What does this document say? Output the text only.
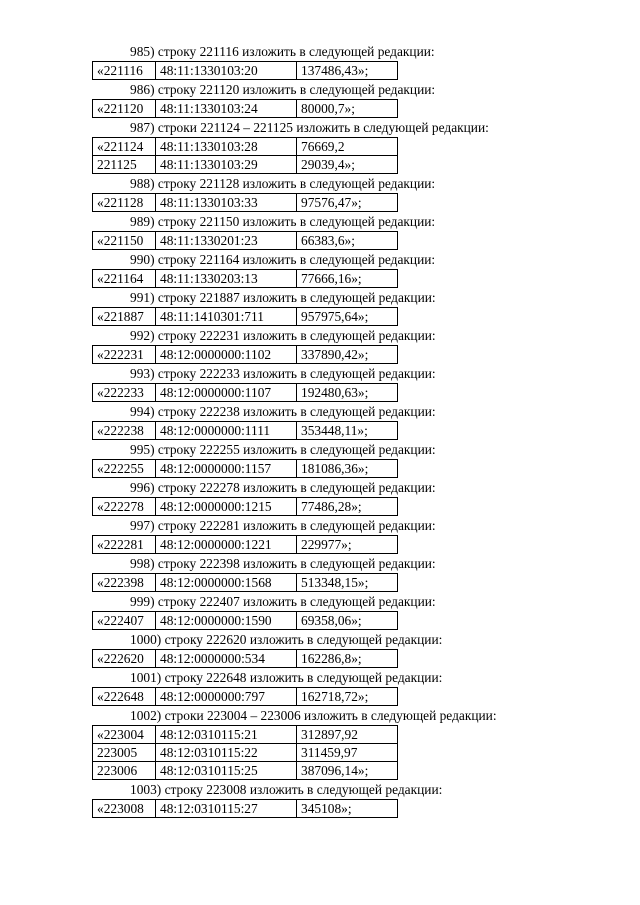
985) строку 221116 изложить в следующей редакции:
«221116	48:11:1330103:20	137486,43»;
986) строку 221120 изложить в следующей редакции:
«221120	48:11:1330103:24	80000,7»;
987) строки 221124 – 221125 изложить в следующей редакции:
«221124	48:11:1330103:28	76669,2
221125	48:11:1330103:29	29039,4»;
988) строку 221128 изложить в следующей редакции:
«221128	48:11:1330103:33	97576,47»;
989) строку 221150 изложить в следующей редакции:
«221150	48:11:1330201:23	66383,6»;
990) строку 221164 изложить в следующей редакции:
«221164	48:11:1330203:13	77666,16»;
991) строку 221887 изложить в следующей редакции:
«221887	48:11:1410301:711	957975,64»;
992) строку 222231 изложить в следующей редакции:
«222231	48:12:0000000:1102	337890,42»;
993) строку 222233 изложить в следующей редакции:
«222233	48:12:0000000:1107	192480,63»;
994) строку 222238 изложить в следующей редакции:
«222238	48:12:0000000:1111	353448,11»;
995) строку 222255 изложить в следующей редакции:
«222255	48:12:0000000:1157	181086,36»;
996) строку 222278 изложить в следующей редакции:
«222278	48:12:0000000:1215	77486,28»;
997) строку 222281 изложить в следующей редакции:
«222281	48:12:0000000:1221	229977»;
998) строку 222398 изложить в следующей редакции:
«222398	48:12:0000000:1568	513348,15»;
999) строку 222407 изложить в следующей редакции:
«222407	48:12:0000000:1590	69358,06»;
1000) строку 222620 изложить в следующей редакции:
«222620	48:12:0000000:534	162286,8»;
1001) строку 222648 изложить в следующей редакции:
«222648	48:12:0000000:797	162718,72»;
1002) строки 223004 – 223006 изложить в следующей редакции:
«223004	48:12:0310115:21	312897,92
223005	48:12:0310115:22	311459,97
223006	48:12:0310115:25	387096,14»;
1003) строку 223008 изложить в следующей редакции:
«223008	48:12:0310115:27	345108»;
